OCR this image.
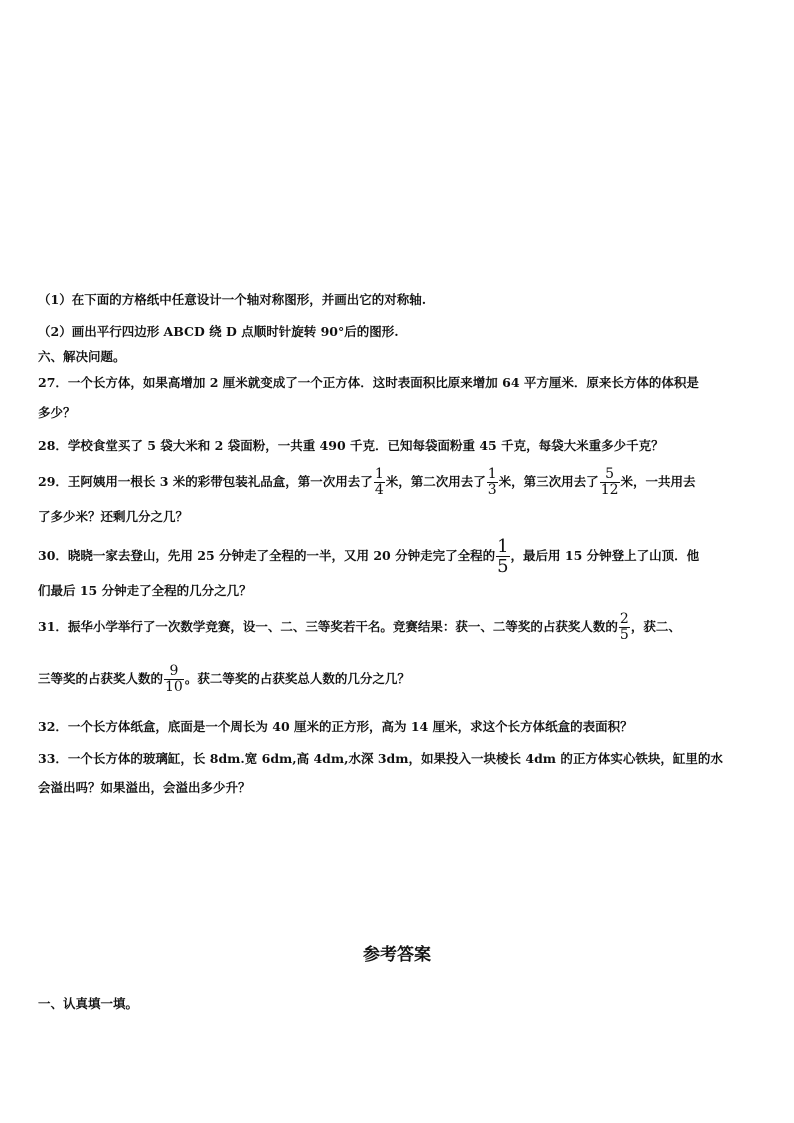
（1）在下面的方格纸中任意设计一个轴对称图形，并画出它的对称轴.
（2）画出平行四边形 ABCD 绕 D 点顺时针旋转 90°后的图形.
六、解决问题。
27．一个长方体，如果高增加 2 厘米就变成了一个正方体．这时表面积比原来增加 64 平方厘米．原来长方体的体积是
多少？
28．学校食堂买了 5 袋大米和 2 袋面粉，一共重 490 千克．已知每袋面粉重 45 千克，每袋大米重多少千克？
29．王阿姨用一根长 3 米的彩带包装礼品盒，第一次用去了 $\frac{1}{4}$ 米，第二次用去了 $\frac{1}{3}$ 米，第三次用去了 $\frac{5}{12}$ 米，一共用去
了多少米？还剩几分之几？
30．晓晓一家去登山，先用 25 分钟走了全程的一半，又用 20 分钟走完了全程的 $\frac{1}{5}$ ，最后用 15 分钟登上了山顶．他
们最后 15 分钟走了全程的几分之几？
31．振华小学举行了一次数学竞赛，设一、二、三等奖若干名。竞赛结果：获一、二等奖的占获奖人数的 $\frac{2}{5}$ ，获二、
三等奖的占获奖人数的 $\frac{9}{10}$ 。获二等奖的占获奖总人数的几分之几？
32．一个长方体纸盒，底面是一个周长为 40 厘米的正方形，高为 14 厘米，求这个长方体纸盒的表面积？
33．一个长方体的玻璃缸，长 8dm.宽 6dm,高 4dm,水深 3dm，如果投入一块棱长 4dm 的正方体实心铁块，缸里的水
会溢出吗？如果溢出，会溢出多少升？
参考答案
一、认真填一填。
